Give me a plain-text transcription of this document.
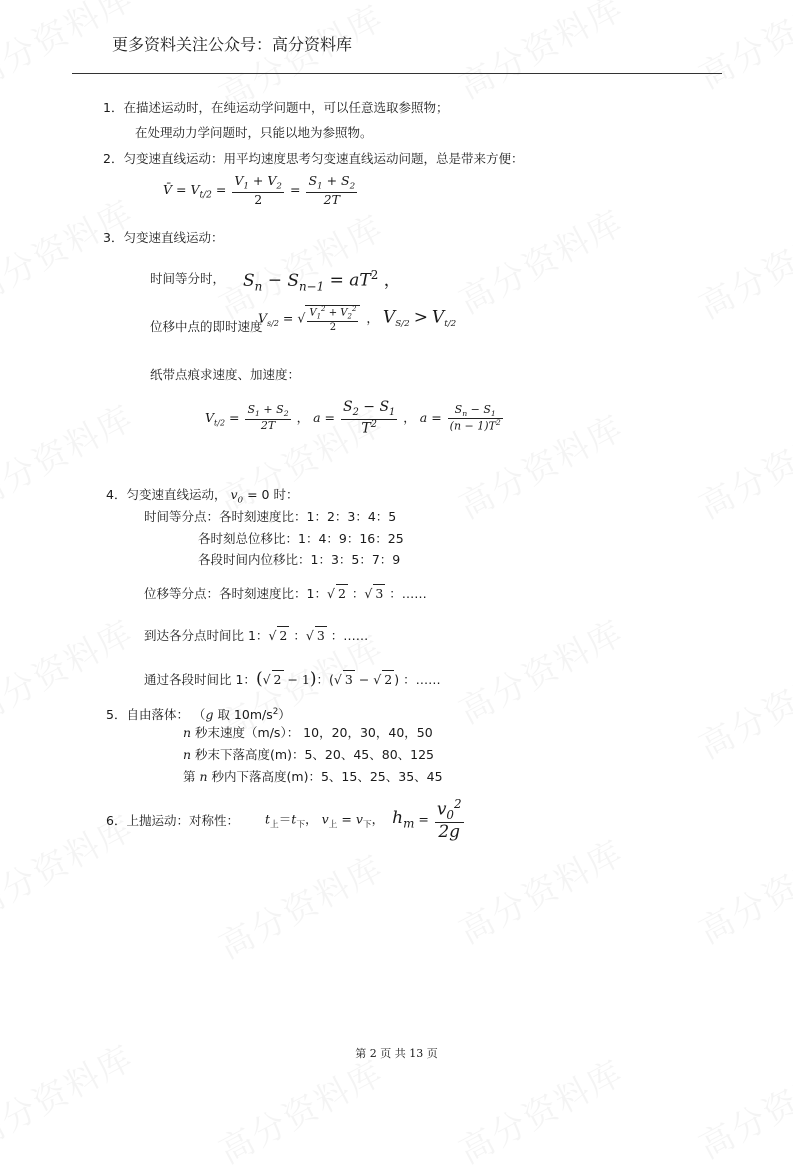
更多资料关注公众号：高分资料库
1．在描述运动时，在纯运动学问题中，可以任意选取参照物；
在处理动力学问题时，只能以地为参照物。
2．匀变速直线运动：用平均速度思考匀变速直线运动问题，总是带来方便：
V̄ = $V_{t/2} = \frac{V_1 + V_2}{2} = \frac{S_1 + S_2}{2T}$
3．匀变速直线运动：
时间等分时， $S_n - S_{n-1} = aT^2$ ，
位移中点的即时速度
$V_{s/2}$ = √ $\frac{V_1^2 + V_2^2}{2}$ ， $V_{S/2} > V_{t/2}$
纸带点痕求速度、加速度：
$V_{t/2} = \frac{S_1 + S_2}{2T}$ ， $a = \frac{S_2 - S_1}{T^2}$ ， $a = \frac{S_n - S_1}{(n - 1)T^2}$
4．匀变速直线运动， $v_0 = 0$ 时：
时间等分点：各时刻速度比：1：2：3：4：5
各时刻总位移比：1：4：9：16：25
各段时间内位移比：1：3：5：7：9
位移等分点：各时刻速度比：1：√ 2 ：√ 3 ：……
到达各分点时间比 1：√ 2 ：√ 3 ：……
通过各段时间比 1：(√ 2 − 1)：(√ 3 − √ 2 ) ：……
5．自由落体： （g 取 $10m/s^2$）
n 秒末速度（m/s）： 10，20，30，40，50
n 秒末下落高度(m)：5、20、45、80、125
第 n 秒内下落高度(m)：5、15、25、35、45
6．上抛运动：对称性： $t_上=t_下$， $v_上 = v_下$， $h_m = \frac{v_0^2}{2g}$
第 2 页 共 13 页
